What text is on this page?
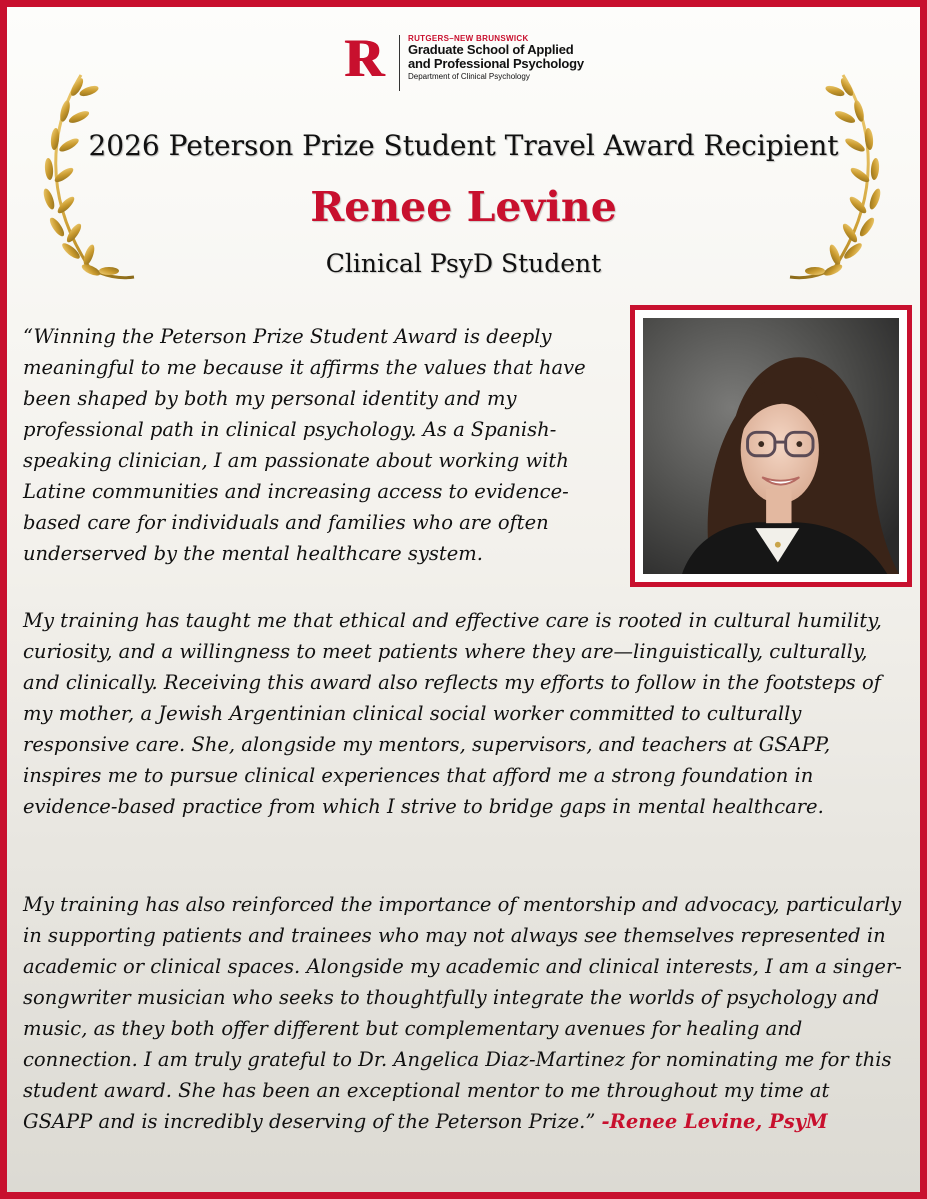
R	RUTGERS–NEW BRUNSWICK
Graduate School of Applied
and Professional Psychology
Department of Clinical Psychology
2026 Peterson Prize Student Travel Award Recipient
Renee Levine
Clinical PsyD Student

“Winning the Peterson Prize Student Award is deeply meaningful to me because it affirms the values that have been shaped by both my personal identity and my professional path in clinical psychology. As a Spanish-speaking clinician, I am passionate about working with Latine communities and increasing access to evidence-based care for individuals and families who are often underserved by the mental healthcare system.

My training has taught me that ethical and effective care is rooted in cultural humility, curiosity, and a willingness to meet patients where they are—linguistically, culturally, and clinically. Receiving this award also reflects my efforts to follow in the footsteps of my mother, a Jewish Argentinian clinical social worker committed to culturally responsive care. She, alongside my mentors, supervisors, and teachers at GSAPP, inspires me to pursue clinical experiences that afford me a strong foundation in evidence-based practice from which I strive to bridge gaps in mental healthcare.

My training has also reinforced the importance of mentorship and advocacy, particularly in supporting patients and trainees who may not always see themselves represented in academic or clinical spaces. Alongside my academic and clinical interests, I am a singer-songwriter musician who seeks to thoughtfully integrate the worlds of psychology and music, as they both offer different but complementary avenues for healing and connection. I am truly grateful to Dr. Angelica Diaz-Martinez for nominating me for this student award. She has been an exceptional mentor to me throughout my time at GSAPP and is incredibly deserving of the Peterson Prize.” -Renee Levine, PsyM
